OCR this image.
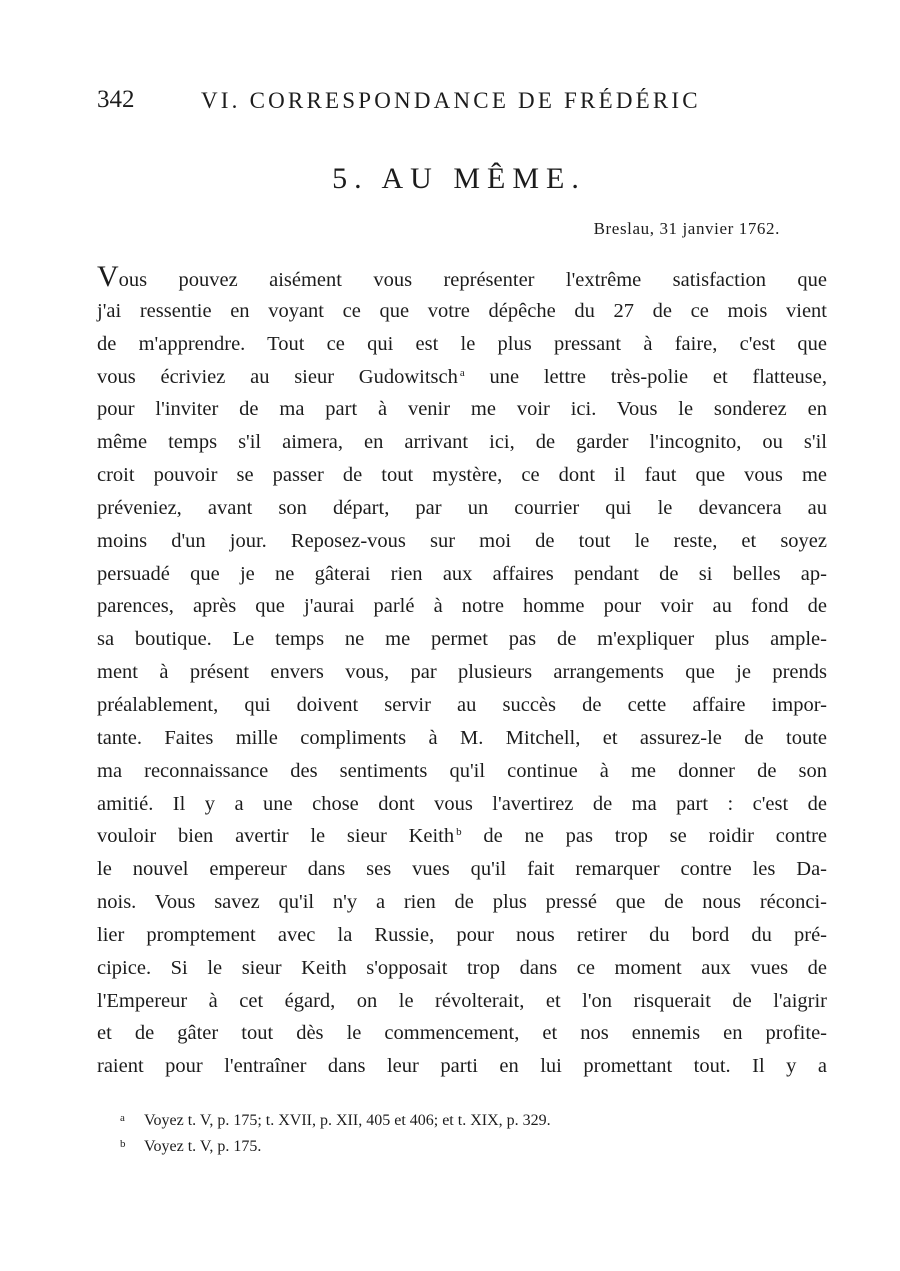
342	VI. CORRESPONDANCE DE FRÉDÉRIC
5. AU MÊME.
Breslau, 31 janvier 1762.
Vous pouvez aisément vous représenter l'extrême satisfaction que
j'ai ressentie en voyant ce que votre dépêche du 27 de ce mois vient
de m'apprendre. Tout ce qui est le plus pressant à faire, c'est que
vous écriviez au sieur Gudowitsch $^a$ une lettre très-polie et flatteuse,
pour l'inviter de ma part à venir me voir ici. Vous le sonderez en
même temps s'il aimera, en arrivant ici, de garder l'incognito, ou s'il
croit pouvoir se passer de tout mystère, ce dont il faut que vous me
préveniez, avant son départ, par un courrier qui le devancera au
moins d'un jour. Reposez-vous sur moi de tout le reste, et soyez
persuadé que je ne gâterai rien aux affaires pendant de si belles ap-
parences, après que j'aurai parlé à notre homme pour voir au fond de
sa boutique. Le temps ne me permet pas de m'expliquer plus ample-
ment à présent envers vous, par plusieurs arrangements que je prends
préalablement, qui doivent servir au succès de cette affaire impor-
tante. Faites mille compliments à M. Mitchell, et assurez-le de toute
ma reconnaissance des sentiments qu'il continue à me donner de son
amitié. Il y a une chose dont vous l'avertirez de ma part : c'est de
vouloir bien avertir le sieur Keith $^b$ de ne pas trop se roidir contre
le nouvel empereur dans ses vues qu'il fait remarquer contre les Da-
nois. Vous savez qu'il n'y a rien de plus pressé que de nous réconci-
lier promptement avec la Russie, pour nous retirer du bord du pré-
cipice. Si le sieur Keith s'opposait trop dans ce moment aux vues de
l'Empereur à cet égard, on le révolterait, et l'on risquerait de l'aigrir
et de gâter tout dès le commencement, et nos ennemis en profite-
raient pour l'entraîner dans leur parti en lui promettant tout. Il y a
a Voyez t. V, p. 175; t. XVII, p. XII, 405 et 406; et t. XIX, p. 329.
b Voyez t. V, p. 175.
